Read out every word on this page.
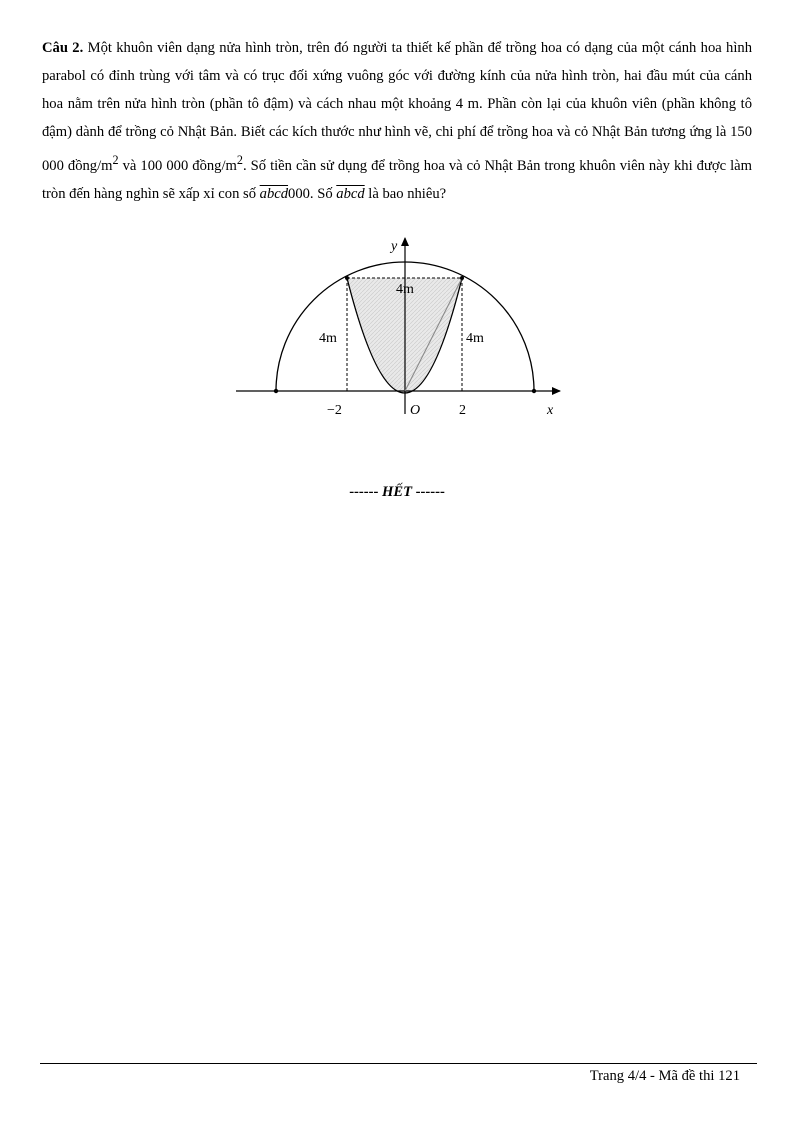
Câu 2. Một khuôn viên dạng nửa hình tròn, trên đó người ta thiết kế phần để trồng hoa có dạng của một cánh hoa hình parabol có đỉnh trùng với tâm và có trục đối xứng vuông góc với đường kính của nửa hình tròn, hai đầu mút của cánh hoa nằm trên nửa hình tròn (phần tô đậm) và cách nhau một khoảng 4 m. Phần còn lại của khuôn viên (phần không tô đậm) dành để trồng cỏ Nhật Bản. Biết các kích thước như hình vẽ, chi phí để trồng hoa và cỏ Nhật Bản tương ứng là 150 000 đồng/$m^2$ và 100 000 đồng/$m^2$. Số tiền cần sử dụng để trồng hoa và cỏ Nhật Bản trong khuôn viên này khi được làm tròn đến hàng nghìn sẽ xấp xỉ con số abcd000. Số abcd là bao nhiêu?
y
x
O
−2	2
4m
4m	4m
------ HẾT ------
Trang 4/4 - Mã đề thi 121
